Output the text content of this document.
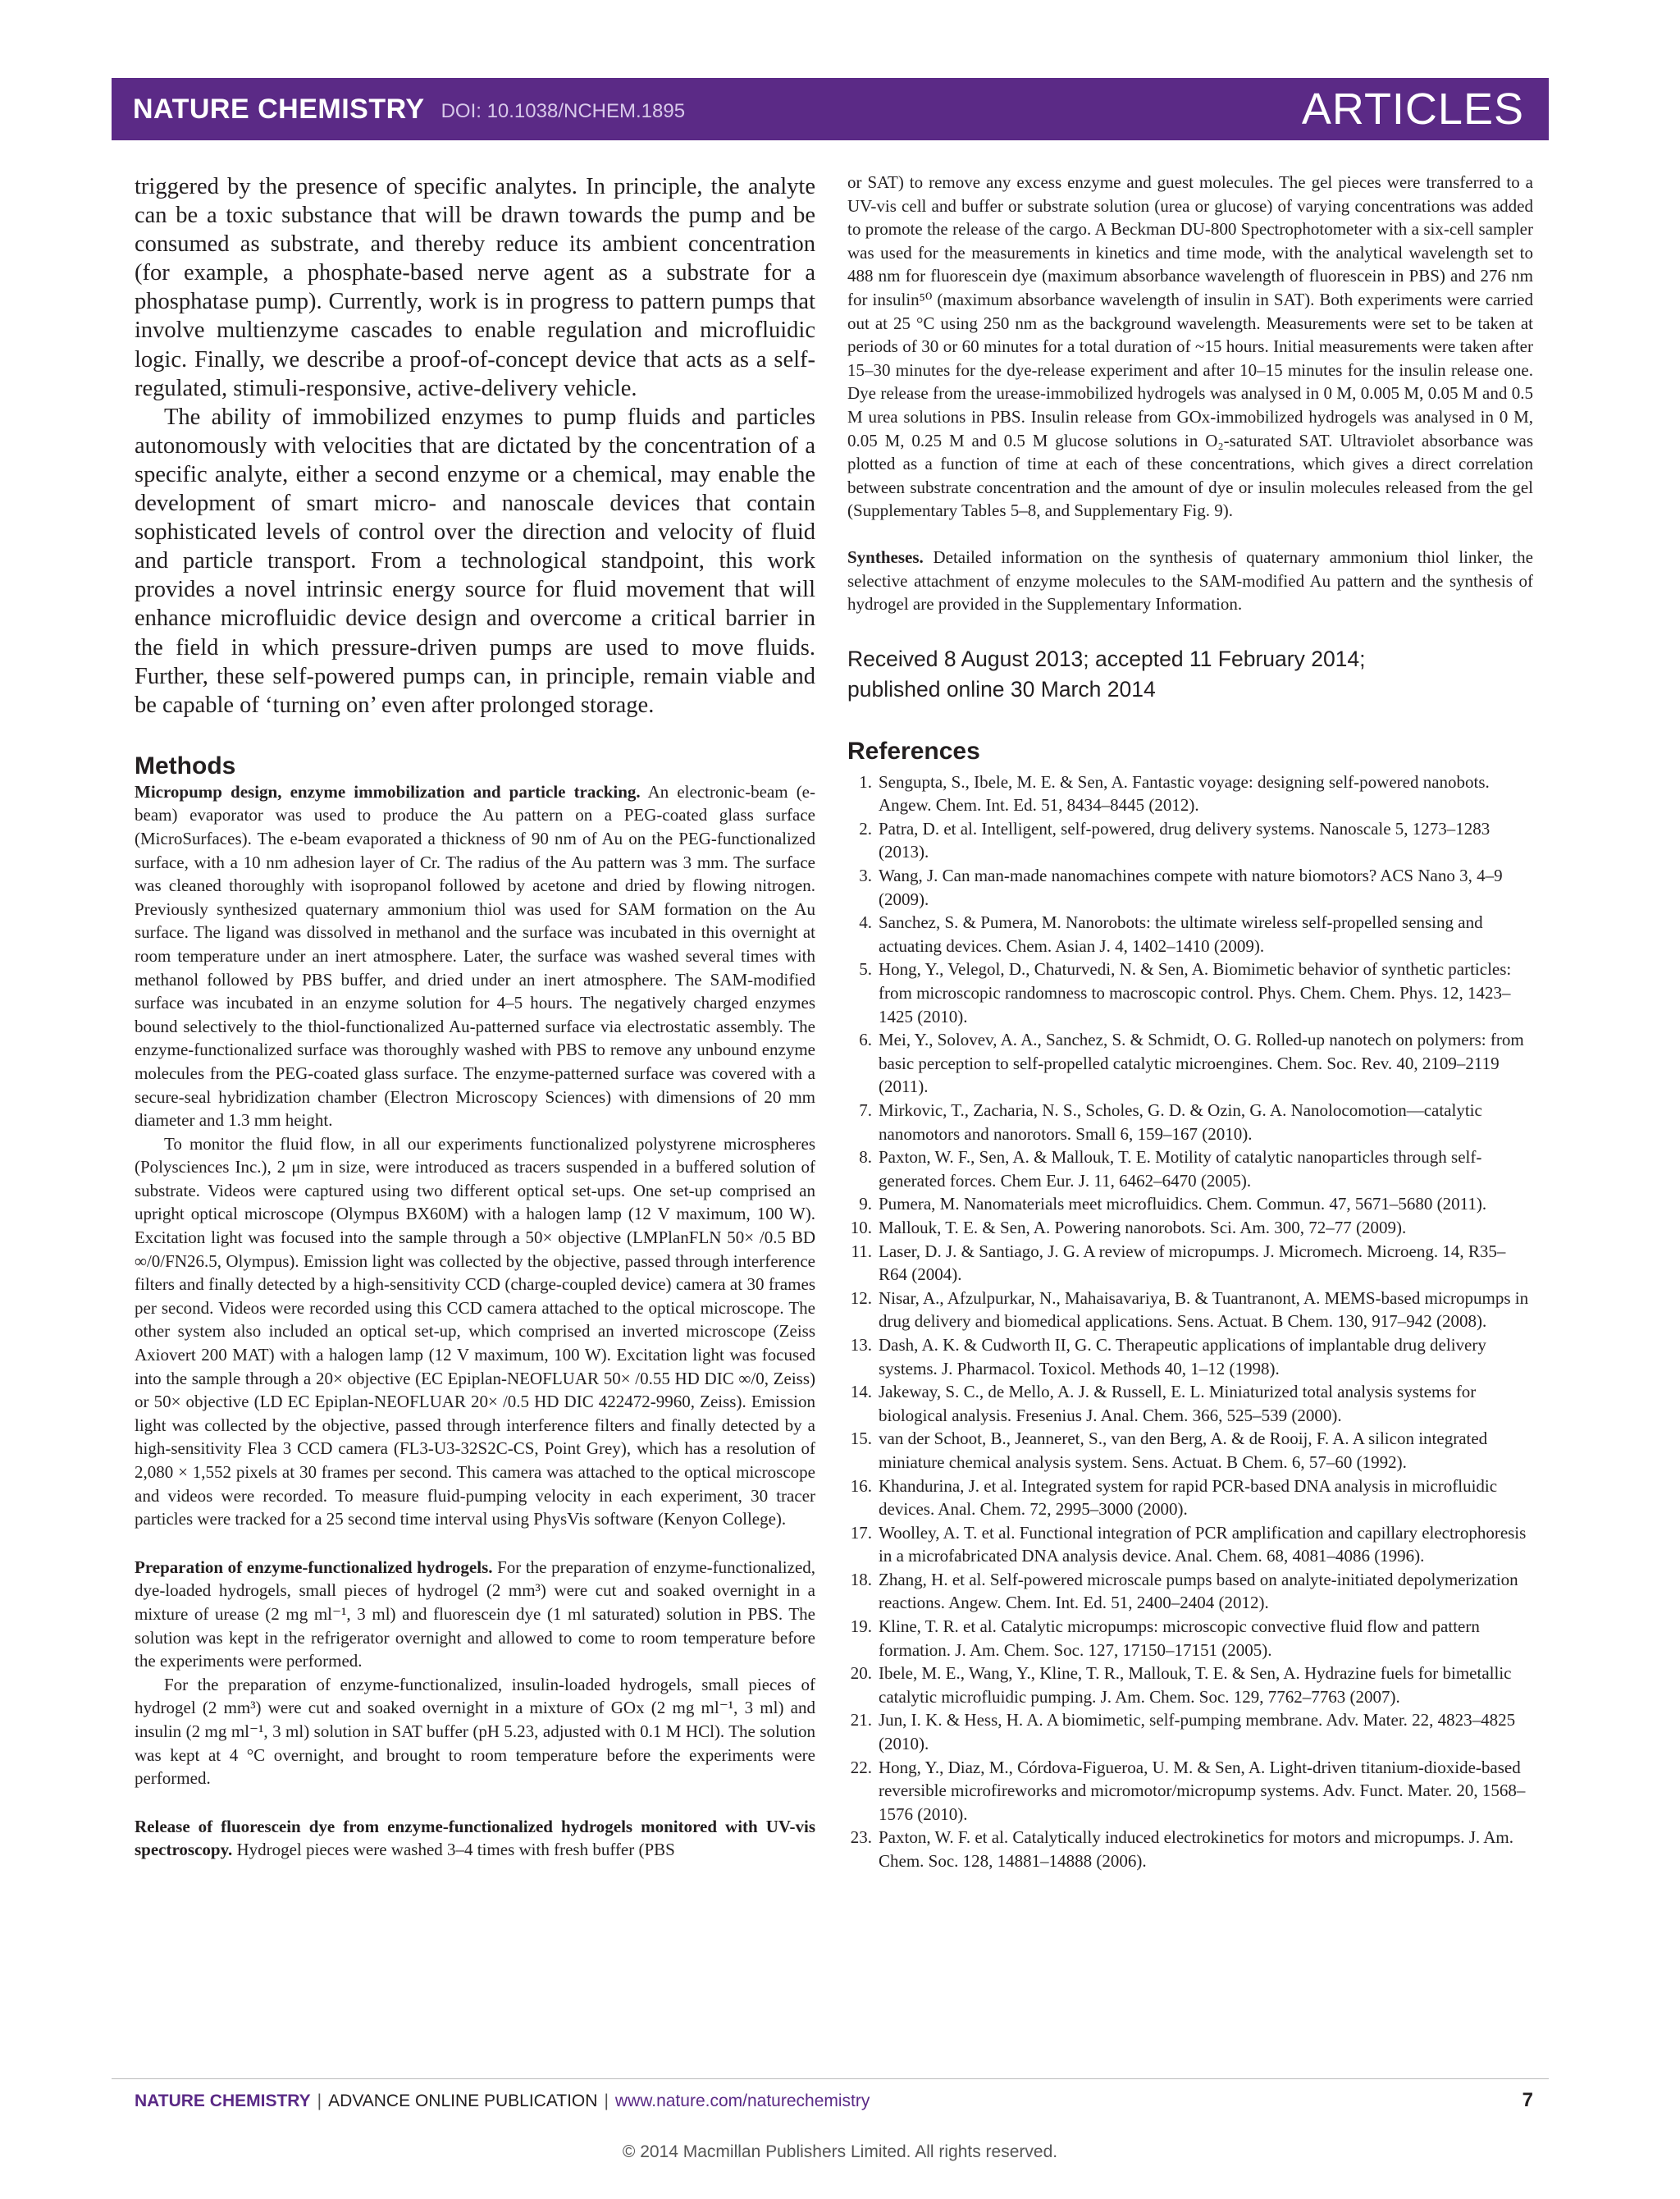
NATURE CHEMISTRY DOI: 10.1038/NCHEM.1895	ARTICLES

triggered by the presence of specific analytes. In principle, the analyte can be a toxic substance that will be drawn towards the pump and be consumed as substrate, and thereby reduce its ambient concentration (for example, a phosphate-based nerve agent as a substrate for a phosphatase pump). Currently, work is in progress to pattern pumps that involve multienzyme cascades to enable regulation and microfluidic logic. Finally, we describe a proof-of-concept device that acts as a self-regulated, stimuli-responsive, active-delivery vehicle.

The ability of immobilized enzymes to pump fluids and particles autonomously with velocities that are dictated by the concentration of a specific analyte, either a second enzyme or a chemical, may enable the development of smart micro- and nanoscale devices that contain sophisticated levels of control over the direction and velocity of fluid and particle transport. From a technological standpoint, this work provides a novel intrinsic energy source for fluid movement that will enhance microfluidic device design and overcome a critical barrier in the field in which pressure-driven pumps are used to move fluids. Further, these self-powered pumps can, in principle, remain viable and be capable of ‘turning on’ even after prolonged storage.

Methods

Micropump design, enzyme immobilization and particle tracking. An electronic-beam (e-beam) evaporator was used to produce the Au pattern on a PEG-coated glass surface (MicroSurfaces). The e-beam evaporated a thickness of 90 nm of Au on the PEG-functionalized surface, with a 10 nm adhesion layer of Cr. The radius of the Au pattern was 3 mm. The surface was cleaned thoroughly with isopropanol followed by acetone and dried by flowing nitrogen. Previously synthesized quaternary ammonium thiol was used for SAM formation on the Au surface. The ligand was dissolved in methanol and the surface was incubated in this overnight at room temperature under an inert atmosphere. Later, the surface was washed several times with methanol followed by PBS buffer, and dried under an inert atmosphere. The SAM-modified surface was incubated in an enzyme solution for 4–5 hours. The negatively charged enzymes bound selectively to the thiol-functionalized Au-patterned surface via electrostatic assembly. The enzyme-functionalized surface was thoroughly washed with PBS to remove any unbound enzyme molecules from the PEG-coated glass surface. The enzyme-patterned surface was covered with a secure-seal hybridization chamber (Electron Microscopy Sciences) with dimensions of 20 mm diameter and 1.3 mm height.

To monitor the fluid flow, in all our experiments functionalized polystyrene microspheres (Polysciences Inc.), 2 μm in size, were introduced as tracers suspended in a buffered solution of substrate. Videos were captured using two different optical set-ups. One set-up comprised an upright optical microscope (Olympus BX60M) with a halogen lamp (12 V maximum, 100 W). Excitation light was focused into the sample through a 50× objective (LMPlanFLN 50× /0.5 BD ∞/0/FN26.5, Olympus). Emission light was collected by the objective, passed through interference filters and finally detected by a high-sensitivity CCD (charge-coupled device) camera at 30 frames per second. Videos were recorded using this CCD camera attached to the optical microscope. The other system also included an optical set-up, which comprised an inverted microscope (Zeiss Axiovert 200 MAT) with a halogen lamp (12 V maximum, 100 W). Excitation light was focused into the sample through a 20× objective (EC Epiplan-NEOFLUAR 50× /0.55 HD DIC ∞/0, Zeiss) or 50× objective (LD EC Epiplan-NEOFLUAR 20× /0.5 HD DIC 422472-9960, Zeiss). Emission light was collected by the objective, passed through interference filters and finally detected by a high-sensitivity Flea 3 CCD camera (FL3-U3-32S2C-CS, Point Grey), which has a resolution of 2,080 × 1,552 pixels at 30 frames per second. This camera was attached to the optical microscope and videos were recorded. To measure fluid-pumping velocity in each experiment, 30 tracer particles were tracked for a 25 second time interval using PhysVis software (Kenyon College).

Preparation of enzyme-functionalized hydrogels. For the preparation of enzyme-functionalized, dye-loaded hydrogels, small pieces of hydrogel (2 mm³) were cut and soaked overnight in a mixture of urease (2 mg ml⁻¹, 3 ml) and fluorescein dye (1 ml saturated) solution in PBS. The solution was kept in the refrigerator overnight and allowed to come to room temperature before the experiments were performed.

For the preparation of enzyme-functionalized, insulin-loaded hydrogels, small pieces of hydrogel (2 mm³) were cut and soaked overnight in a mixture of GOx (2 mg ml⁻¹, 3 ml) and insulin (2 mg ml⁻¹, 3 ml) solution in SAT buffer (pH 5.23, adjusted with 0.1 M HCl). The solution was kept at 4 °C overnight, and brought to room temperature before the experiments were performed.

Release of fluorescein dye from enzyme-functionalized hydrogels monitored with UV-vis spectroscopy. Hydrogel pieces were washed 3–4 times with fresh buffer (PBS

or SAT) to remove any excess enzyme and guest molecules. The gel pieces were transferred to a UV-vis cell and buffer or substrate solution (urea or glucose) of varying concentrations was added to promote the release of the cargo. A Beckman DU-800 Spectrophotometer with a six-cell sampler was used for the measurements in kinetics and time mode, with the analytical wavelength set to 488 nm for fluorescein dye (maximum absorbance wavelength of fluorescein in PBS) and 276 nm for insulin⁵⁰ (maximum absorbance wavelength of insulin in SAT). Both experiments were carried out at 25 °C using 250 nm as the background wavelength. Measurements were set to be taken at periods of 30 or 60 minutes for a total duration of ~15 hours. Initial measurements were taken after 15–30 minutes for the dye-release experiment and after 10–15 minutes for the insulin release one. Dye release from the urease-immobilized hydrogels was analysed in 0 M, 0.005 M, 0.05 M and 0.5 M urea solutions in PBS. Insulin release from GOx-immobilized hydrogels was analysed in 0 M, 0.05 M, 0.25 M and 0.5 M glucose solutions in O₂-saturated SAT. Ultraviolet absorbance was plotted as a function of time at each of these concentrations, which gives a direct correlation between substrate concentration and the amount of dye or insulin molecules released from the gel (Supplementary Tables 5–8, and Supplementary Fig. 9).

Syntheses. Detailed information on the synthesis of quaternary ammonium thiol linker, the selective attachment of enzyme molecules to the SAM-modified Au pattern and the synthesis of hydrogel are provided in the Supplementary Information.

Received 8 August 2013; accepted 11 February 2014;

published online 30 March 2014

References
1. Sengupta, S., Ibele, M. E. & Sen, A. Fantastic voyage: designing self-powered nanobots. Angew. Chem. Int. Ed. 51, 8434–8445 (2012).
2. Patra, D. et al. Intelligent, self-powered, drug delivery systems. Nanoscale 5, 1273–1283 (2013).
3. Wang, J. Can man-made nanomachines compete with nature biomotors? ACS Nano 3, 4–9 (2009).
4. Sanchez, S. & Pumera, M. Nanorobots: the ultimate wireless self-propelled sensing and actuating devices. Chem. Asian J. 4, 1402–1410 (2009).
5. Hong, Y., Velegol, D., Chaturvedi, N. & Sen, A. Biomimetic behavior of synthetic particles: from microscopic randomness to macroscopic control. Phys. Chem. Chem. Phys. 12, 1423–1425 (2010).
6. Mei, Y., Solovev, A. A., Sanchez, S. & Schmidt, O. G. Rolled-up nanotech on polymers: from basic perception to self-propelled catalytic microengines. Chem. Soc. Rev. 40, 2109–2119 (2011).
7. Mirkovic, T., Zacharia, N. S., Scholes, G. D. & Ozin, G. A. Nanolocomotion—catalytic nanomotors and nanorotors. Small 6, 159–167 (2010).
8. Paxton, W. F., Sen, A. & Mallouk, T. E. Motility of catalytic nanoparticles through self-generated forces. Chem Eur. J. 11, 6462–6470 (2005).
9. Pumera, M. Nanomaterials meet microfluidics. Chem. Commun. 47, 5671–5680 (2011).
10. Mallouk, T. E. & Sen, A. Powering nanorobots. Sci. Am. 300, 72–77 (2009).
11. Laser, D. J. & Santiago, J. G. A review of micropumps. J. Micromech. Microeng. 14, R35–R64 (2004).
12. Nisar, A., Afzulpurkar, N., Mahaisavariya, B. & Tuantranont, A. MEMS-based micropumps in drug delivery and biomedical applications. Sens. Actuat. B Chem. 130, 917–942 (2008).
13. Dash, A. K. & Cudworth II, G. C. Therapeutic applications of implantable drug delivery systems. J. Pharmacol. Toxicol. Methods 40, 1–12 (1998).
14. Jakeway, S. C., de Mello, A. J. & Russell, E. L. Miniaturized total analysis systems for biological analysis. Fresenius J. Anal. Chem. 366, 525–539 (2000).
15. van der Schoot, B., Jeanneret, S., van den Berg, A. & de Rooij, F. A. A silicon integrated miniature chemical analysis system. Sens. Actuat. B Chem. 6, 57–60 (1992).
16. Khandurina, J. et al. Integrated system for rapid PCR-based DNA analysis in microfluidic devices. Anal. Chem. 72, 2995–3000 (2000).
17. Woolley, A. T. et al. Functional integration of PCR amplification and capillary electrophoresis in a microfabricated DNA analysis device. Anal. Chem. 68, 4081–4086 (1996).
18. Zhang, H. et al. Self-powered microscale pumps based on analyte-initiated depolymerization reactions. Angew. Chem. Int. Ed. 51, 2400–2404 (2012).
19. Kline, T. R. et al. Catalytic micropumps: microscopic convective fluid flow and pattern formation. J. Am. Chem. Soc. 127, 17150–17151 (2005).
20. Ibele, M. E., Wang, Y., Kline, T. R., Mallouk, T. E. & Sen, A. Hydrazine fuels for bimetallic catalytic microfluidic pumping. J. Am. Chem. Soc. 129, 7762–7763 (2007).
21. Jun, I. K. & Hess, H. A. A biomimetic, self-pumping membrane. Adv. Mater. 22, 4823–4825 (2010).
22. Hong, Y., Diaz, M., Córdova-Figueroa, U. M. & Sen, A. Light-driven titanium-dioxide-based reversible microfireworks and micromotor/micropump systems. Adv. Funct. Mater. 20, 1568–1576 (2010).
23. Paxton, W. F. et al. Catalytically induced electrokinetics for motors and micropumps. J. Am. Chem. Soc. 128, 14881–14888 (2006).
NATURE CHEMISTRY | ADVANCE ONLINE PUBLICATION | www.nature.com/naturechemistry	7
© 2014 Macmillan Publishers Limited. All rights reserved.
